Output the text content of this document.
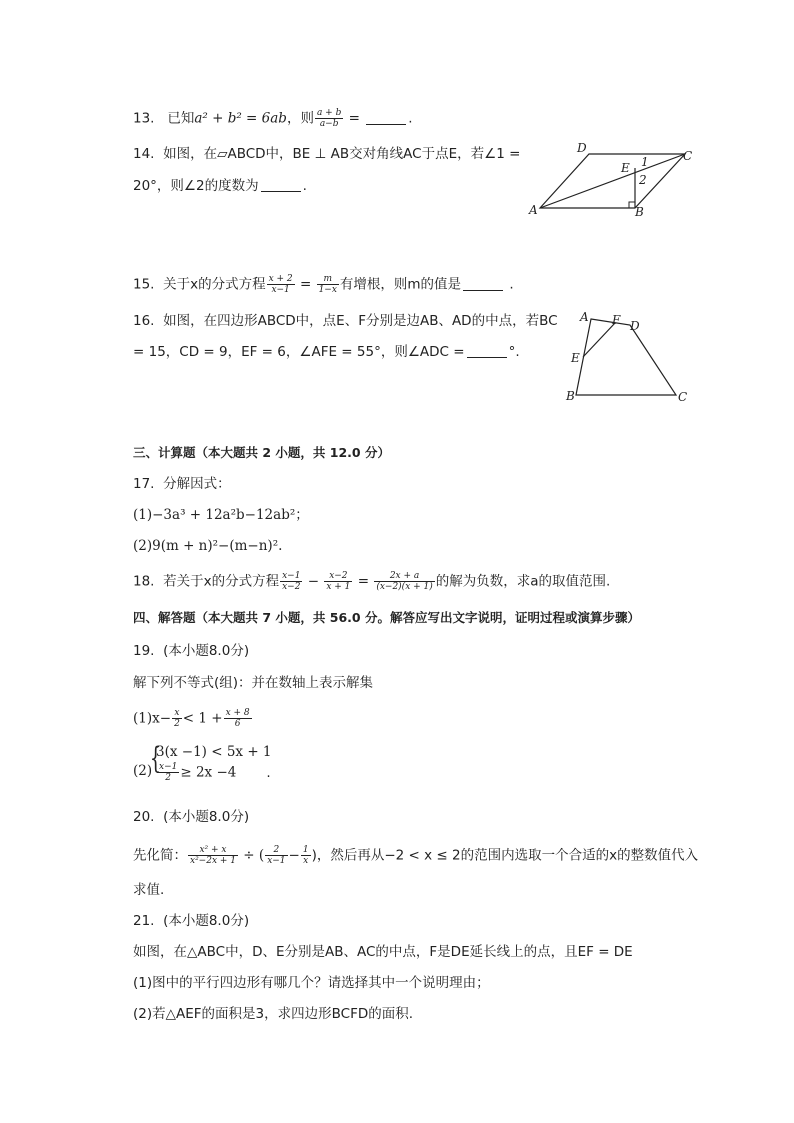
13. 已知a² + b² = 6ab，则 $\frac{a + b}{a-b}$ =	.
14. 如图，在▱ABCD中，BE ⊥ AB交对角线AC于点E，若∠1 =
20°，则∠2的度数为	.
D
C
E 1
2
A	B
15. 关于x的分式方程 $\frac{x + 2}{x-1} = \frac{m}{1-x}$ 有增根，则m的值是	.
16. 如图，在四边形ABCD中，点E、F分别是边AB、AD的中点，若BC
= 15，CD = 9，EF = 6，∠AFE = 55°，则∠ADC =	°.
A F D
E
B	C
三、计算题（本大题共 2 小题，共 12.0 分）
17. 分解因式：
(1)−3a³ + 12a²b−12ab²；
(2)9(m + n)²−(m−n)².
18. 若关于x的分式方程 $\frac{x-1}{x-2} - \frac{x-2}{x + 1} = \frac{2x + a}{(x-2)(x + 1)}$ 的解为负数，求a的取值范围.
四、解答题（本大题共 7 小题，共 56.0 分。解答应写出文字说明，证明过程或演算步骤）
19. (本小题8.0分)
解下列不等式(组)：并在数轴上表示解集
$(1)x- \frac{x}{2} < 1 + \frac{x + 8}{6}$
(2)
{
3(x −1) < 5x + 1
$\frac{x-1}{2} \ge 2x -4$ .
20. (本小题8.0分)
先化简： $\frac{\text{x² + x}}{\text{x²−2x + 1}}$ ÷ ( $\frac{2}{x-1} - \frac{1}{x}$ )，然后再从−2 < x ≤ 2的范围内选取一个合适的x的整数值代入
求值.
21. (本小题8.0分)
如图，在△ABC中，D、E分别是AB、AC的中点，F是DE延长线上的点，且EF = DE
(1)图中的平行四边形有哪几个？请选择其中一个说明理由；
(2)若△AEF的面积是3，求四边形BCFD的面积.
